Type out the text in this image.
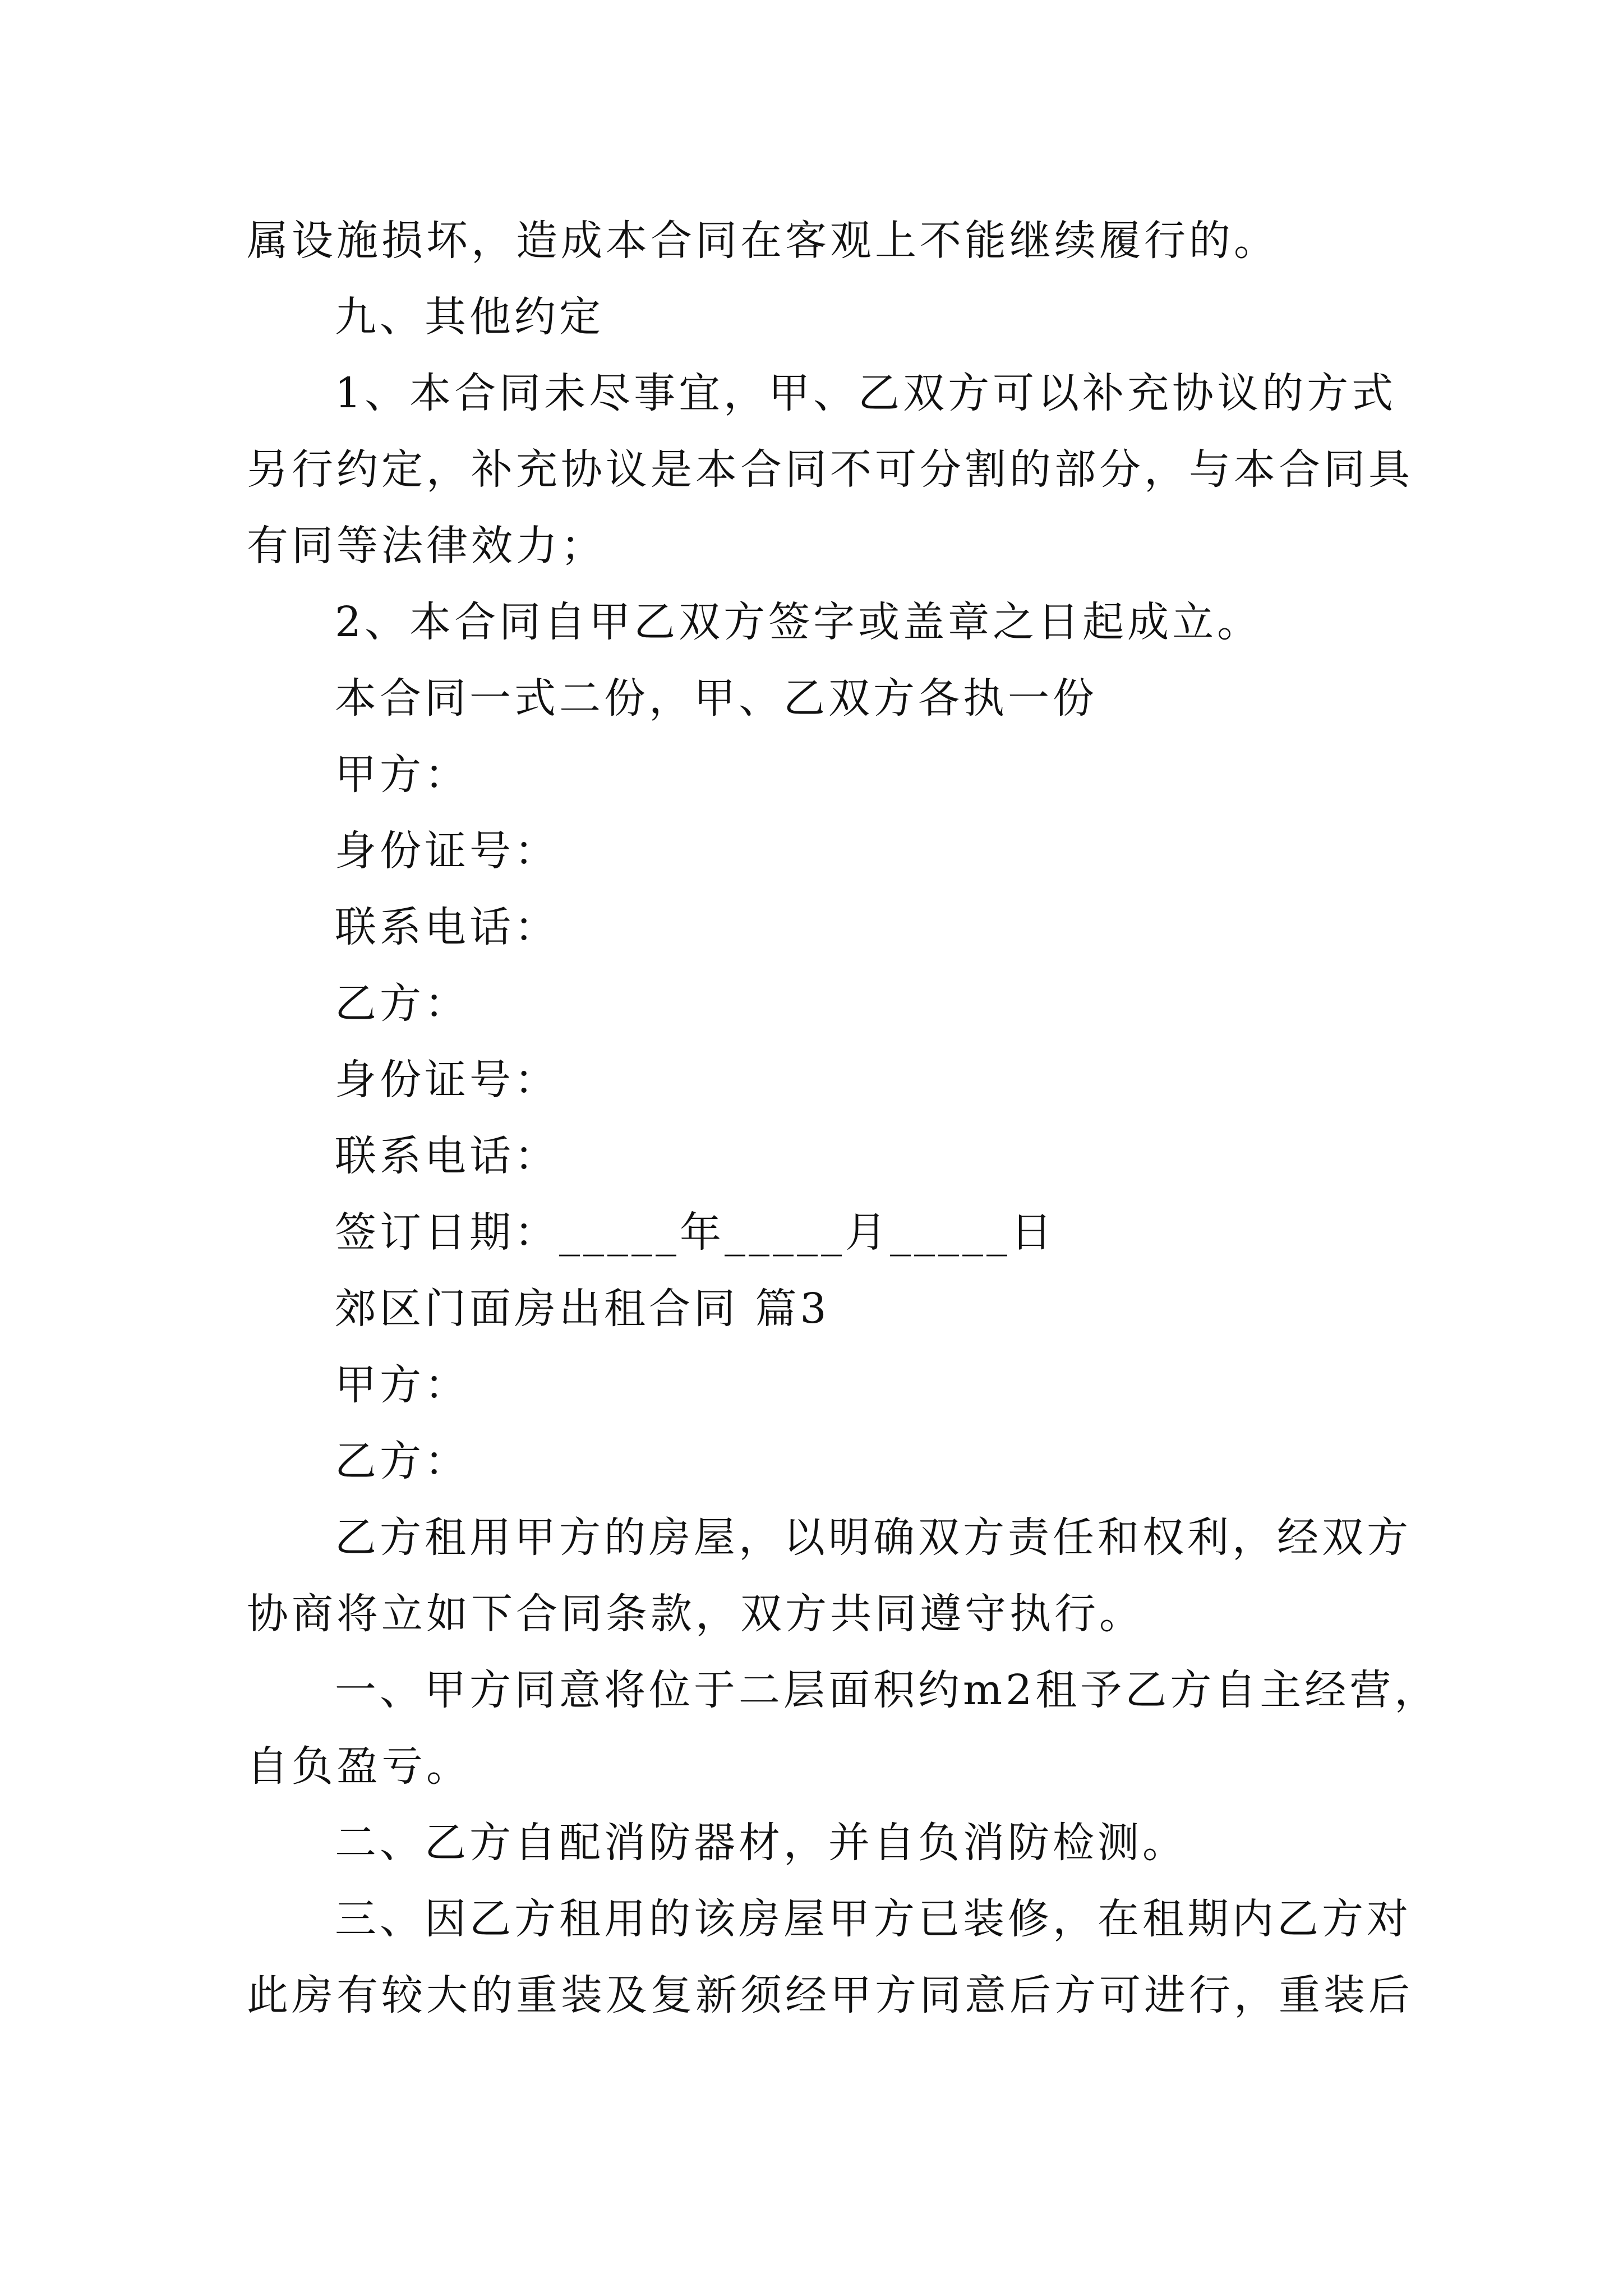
属设施损坏，造成本合同在客观上不能继续履行的。
九、其他约定
1、本合同未尽事宜，甲、乙双方可以补充协议的方式
另行约定，补充协议是本合同不可分割的部分，与本合同具
有同等法律效力；
2、本合同自甲乙双方签字或盖章之日起成立。
本合同一式二份，甲、乙双方各执一份
甲方：
身份证号：
联系电话：
乙方：
身份证号：
联系电话：
签订日期：_____年_____月_____日
郊区门面房出租合同 篇3
甲方：
乙方：
乙方租用甲方的房屋，以明确双方责任和权利，经双方
协商将立如下合同条款，双方共同遵守执行。
一、甲方同意将位于二层面积约m2租予乙方自主经营，
自负盈亏。
二、乙方自配消防器材，并自负消防检测。
三、因乙方租用的该房屋甲方已装修，在租期内乙方对
此房有较大的重装及复新须经甲方同意后方可进行，重装后
